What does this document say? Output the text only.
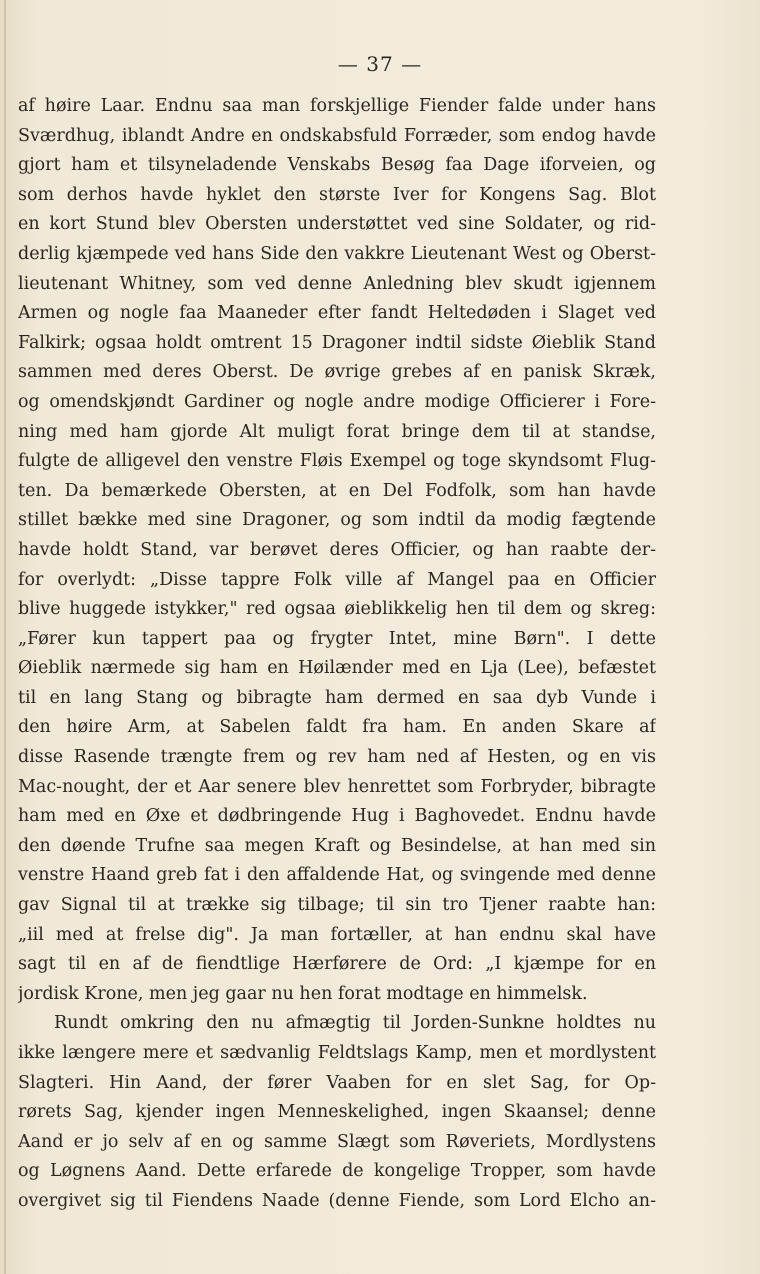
— 37 —
af høire Laar. Endnu saa man forskjellige Fiender falde under hans
Sværdhug, iblandt Andre en ondskabsfuld Forræder, som endog havde
gjort ham et tilsyneladende Venskabs Besøg faa Dage iforveien, og
som derhos havde hyklet den største Iver for Kongens Sag. Blot
en kort Stund blev Obersten understøttet ved sine Soldater, og rid-
derlig kjæmpede ved hans Side den vakkre Lieutenant West og Oberst-
lieutenant Whitney, som ved denne Anledning blev skudt igjennem
Armen og nogle faa Maaneder efter fandt Heltedøden i Slaget ved
Falkirk; ogsaa holdt omtrent 15 Dragoner indtil sidste Øieblik Stand
sammen med deres Oberst. De øvrige grebes af en panisk Skræk,
og omendskjøndt Gardiner og nogle andre modige Officierer i Fore-
ning med ham gjorde Alt muligt forat bringe dem til at standse,
fulgte de alligevel den venstre Fløis Exempel og toge skyndsomt Flug-
ten. Da bemærkede Obersten, at en Del Fodfolk, som han havde
stillet bække med sine Dragoner, og som indtil da modig fægtende
havde holdt Stand, var berøvet deres Officier, og han raabte der-
for overlydt: „Disse tappre Folk ville af Mangel paa en Officier
blive huggede istykker," red ogsaa øieblikkelig hen til dem og skreg:
„Fører kun tappert paa og frygter Intet, mine Børn". I dette
Øieblik nærmede sig ham en Høilænder med en Lja (Lee), befæstet
til en lang Stang og bibragte ham dermed en saa dyb Vunde i
den høire Arm, at Sabelen faldt fra ham. En anden Skare af
disse Rasende trængte frem og rev ham ned af Hesten, og en vis
Mac-nought, der et Aar senere blev henrettet som Forbryder, bibragte
ham med en Øxe et dødbringende Hug i Baghovedet. Endnu havde
den døende Trufne saa megen Kraft og Besindelse, at han med sin
venstre Haand greb fat i den affaldende Hat, og svingende med denne
gav Signal til at trække sig tilbage; til sin tro Tjener raabte han:
„iil med at frelse dig". Ja man fortæller, at han endnu skal have
sagt til en af de fiendtlige Hærførere de Ord: „I kjæmpe for en
jordisk Krone, men jeg gaar nu hen forat modtage en himmelsk.
Rundt omkring den nu afmægtig til Jorden-Sunkne holdtes nu
ikke længere mere et sædvanlig Feldtslags Kamp, men et mordlystent
Slagteri. Hin Aand, der fører Vaaben for en slet Sag, for Op-
rørets Sag, kjender ingen Menneskelighed, ingen Skaansel; denne
Aand er jo selv af en og samme Slægt som Røveriets, Mordlystens
og Løgnens Aand. Dette erfarede de kongelige Tropper, som havde
overgivet sig til Fiendens Naade (denne Fiende, som Lord Elcho an-
